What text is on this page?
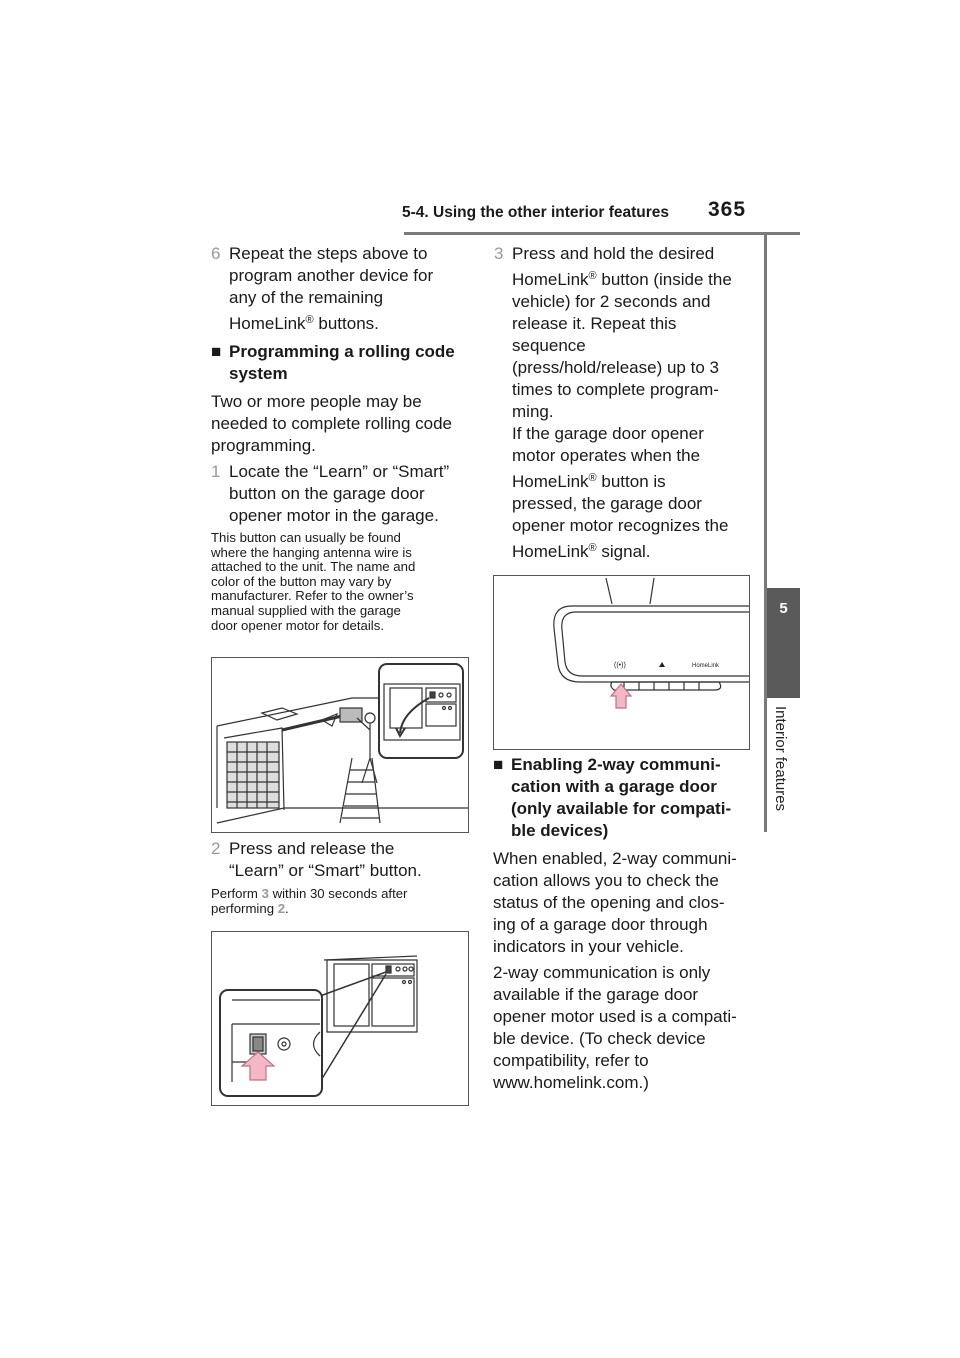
5-4. Using the other interior features 365
5
Interior features
6 Repeat the steps above to
program another device for
any of the remaining
HomeLink® buttons.
■ Programming a rolling code
system
Two or more people may be
needed to complete rolling code
programming.
1 Locate the “Learn” or “Smart”
button on the garage door
opener motor in the garage.
This button can usually be found
where the hanging antenna wire is
attached to the unit. The name and
color of the button may vary by
manufacturer. Refer to the owner’s
manual supplied with the garage
door opener motor for details.
2 Press and release the
“Learn” or “Smart” button.
Perform 3 within 30 seconds after
performing 2.
3 Press and hold the desired
HomeLink® button (inside the
vehicle) for 2 seconds and
release it. Repeat this
sequence
(press/hold/release) up to 3
times to complete program-
ming.
If the garage door opener
motor operates when the
HomeLink® button is
pressed, the garage door
opener motor recognizes the
HomeLink® signal.
((•))	HomeLink
■ Enabling 2-way communi-
cation with a garage door
(only available for compati-
ble devices)
When enabled, 2-way communi-
cation allows you to check the
status of the opening and clos-
ing of a garage door through
indicators in your vehicle.
2-way communication is only
available if the garage door
opener motor used is a compati-
ble device. (To check device
compatibility, refer to
www.homelink.com.)
